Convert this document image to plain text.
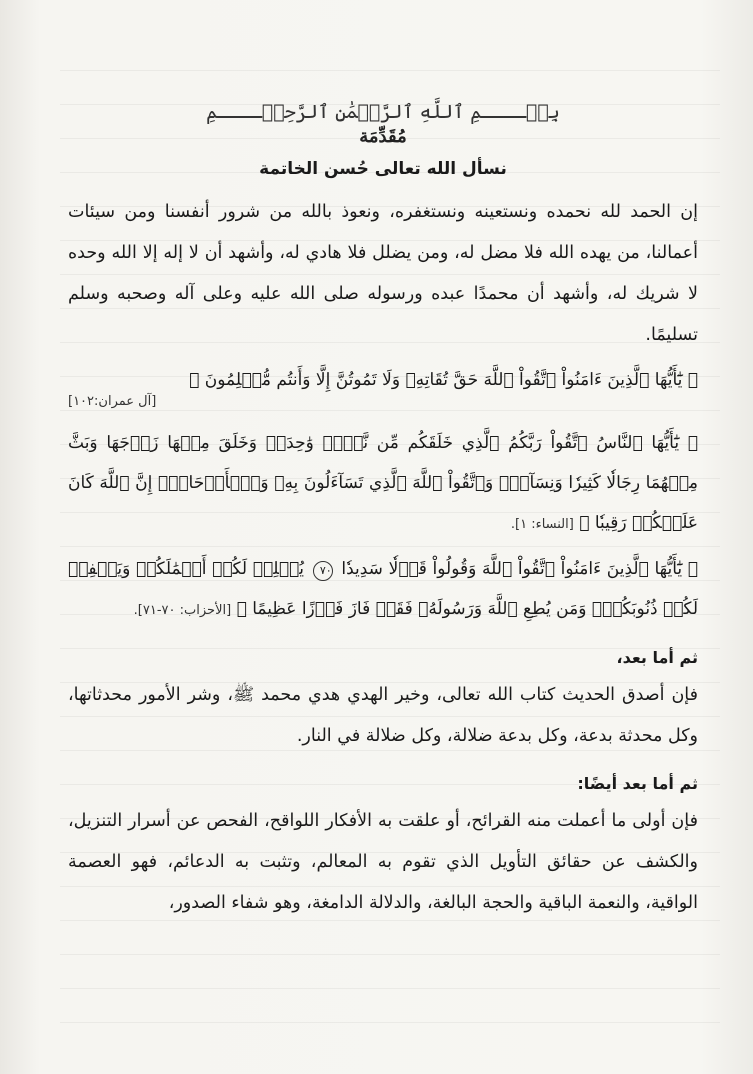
بِسۡــــمِ ٱللَّهِ ٱلرَّحۡمَٰنِ ٱلرَّحِيۡــــمِ

مُقَدِّمَة

نسأل الله تعالى حُسن الخاتمة

إن الحمد لله نحمده ونستعينه ونستغفره، ونعوذ بالله من شرور أنفسنا ومن سيئات أعمالنا، من يهده الله فلا مضل له، ومن يضلل فلا هادي له، وأشهد أن لا إله إلا الله وحده لا شريك له، وأشهد أن محمدًا عبده ورسوله صلى الله عليه وعلى آله وصحبه وسلم تسليمًا.

﴿ يَٰٓأَيُّهَا ٱلَّذِينَ ءَامَنُواْ ٱتَّقُواْ ٱللَّهَ حَقَّ تُقَاتِهِۦ وَلَا تَمُوتُنَّ إِلَّا وَأَنتُم مُّسۡلِمُونَ ﴾

[آل عمران:١٠٢]

﴿ يَٰٓأَيُّهَا ٱلنَّاسُ ٱتَّقُواْ رَبَّكُمُ ٱلَّذِي خَلَقَكُم مِّن نَّفۡسٖ وَٰحِدَةٖ وَخَلَقَ مِنۡهَا زَوۡجَهَا وَبَثَّ مِنۡهُمَا رِجَالٗا كَثِيرٗا وَنِسَآءٗۚ وَٱتَّقُواْ ٱللَّهَ ٱلَّذِي تَسَآءَلُونَ بِهِۦ وَٱلۡأَرۡحَامَۚ إِنَّ ٱللَّهَ كَانَ عَلَيۡكُمۡ رَقِيبٗا ﴾ [النساء: ١].

﴿ يَٰٓأَيُّهَا ٱلَّذِينَ ءَامَنُواْ ٱتَّقُواْ ٱللَّهَ وَقُولُواْ قَوۡلٗا سَدِيدٗا ٧٠ يُصۡلِحۡ لَكُمۡ أَعۡمَٰلَكُمۡ وَيَغۡفِرۡ لَكُمۡ ذُنُوبَكُمۡۗ وَمَن يُطِعِ ٱللَّهَ وَرَسُولَهُۥ فَقَدۡ فَازَ فَوۡزًا عَظِيمًا ﴾ [الأحزاب: ٧٠-٧١].

ثم أما بعد،

فإن أصدق الحديث كتاب الله تعالى، وخير الهدي هدي محمد ﷺ، وشر الأمور محدثاتها، وكل محدثة بدعة، وكل بدعة ضلالة، وكل ضلالة في النار.

ثم أما بعد أيضًا:

فإن أولى ما أعملت منه القرائح، أو علقت به الأفكار اللواقح، الفحص عن أسرار التنزيل، والكشف عن حقائق التأويل الذي تقوم به المعالم، وتثبت به الدعائم، فهو العصمة الواقية، والنعمة الباقية والحجة البالغة، والدلالة الدامغة، وهو شفاء الصدور،
